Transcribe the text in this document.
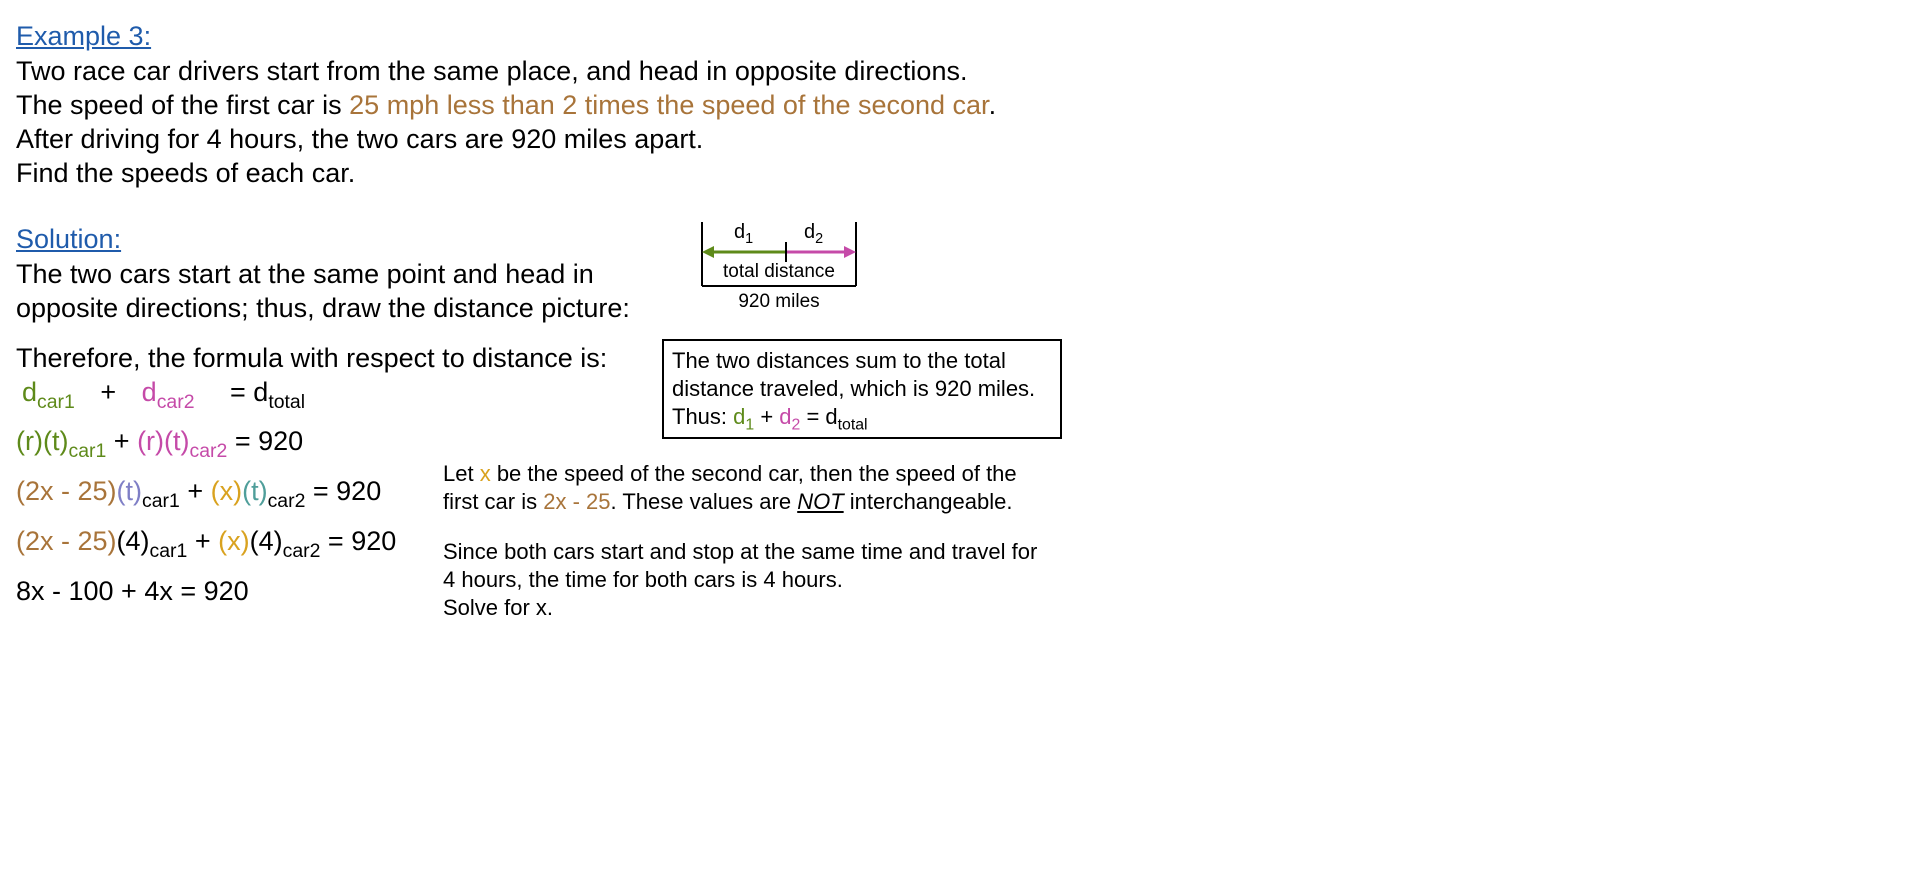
Example 3:
Two race car drivers start from the same place, and head in opposite directions.
The speed of the first car is 25 mph less than 2 times the speed of the second car.
After driving for 4 hours, the two cars are 920 miles apart.
Find the speeds of each car.
Solution:
The two cars start at the same point and head in
opposite directions; thus, draw the distance picture:
$d_1$	$d_2$
total distance
920 miles
Therefore, the formula with respect to distance is:
$d_{car1} + d_{car2} = d_{total}$
$(r)(t)_{car1} + (r)(t)_{car2} = 920$
$(2x - 25)(t)_{car1} + (x)(t)_{car2} = 920$
$(2x - 25)(4)_{car1} + (x)(4)_{car2} = 920$
8x - 100 + 4x = 920
The two distances sum to the total
distance traveled, which is 920 miles.
Thus: $d_1 + d_2 = d_{total}$
Let x be the speed of the second car, then the speed of the
first car is 2x - 25. These values are NOT interchangeable.
Since both cars start and stop at the same time and travel for
4 hours, the time for both cars is 4 hours.
Solve for x.
